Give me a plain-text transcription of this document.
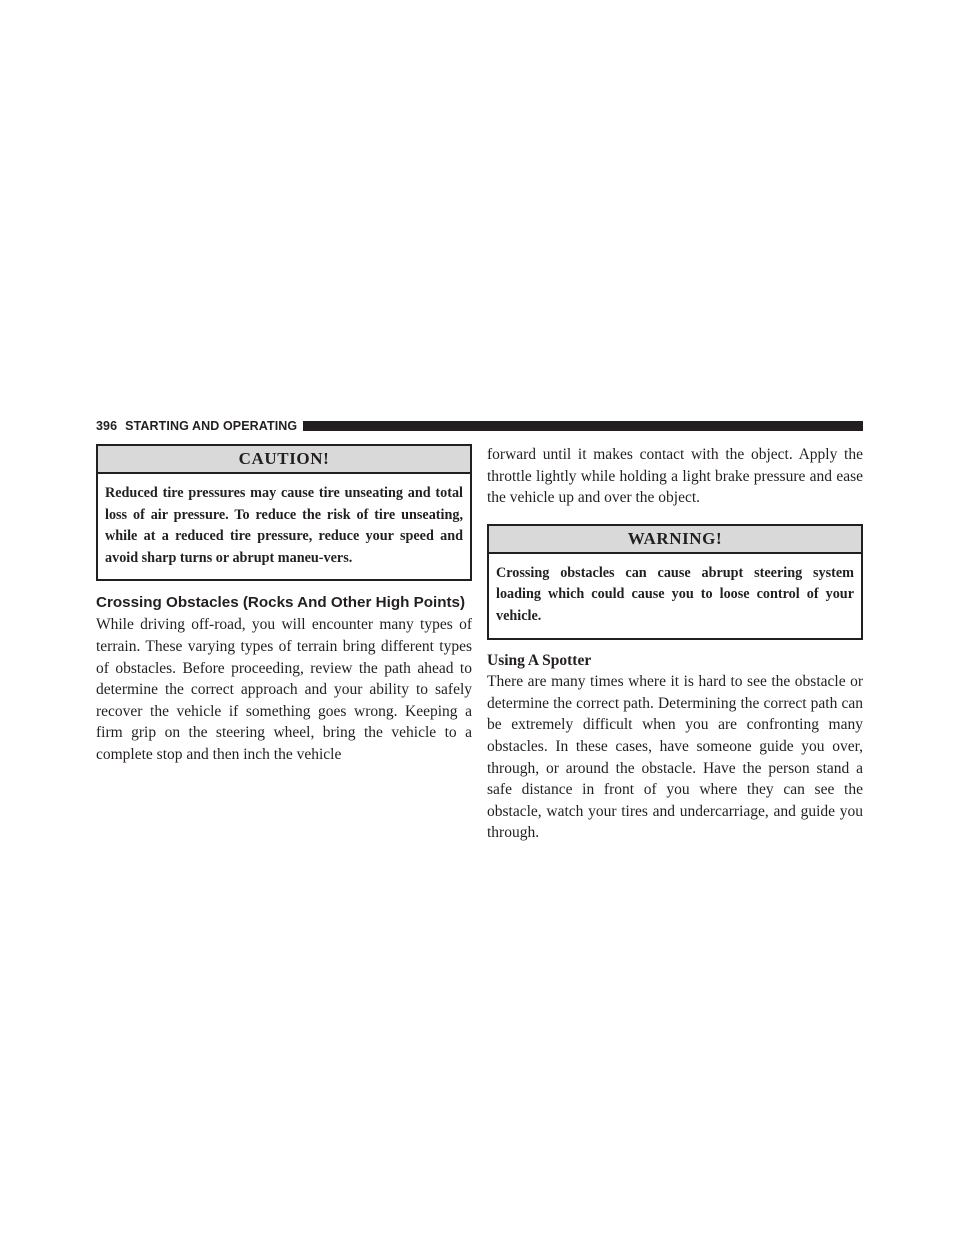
396 STARTING AND OPERATING
CAUTION!
Reduced tire pressures may cause tire unseating and total loss of air pressure. To reduce the risk of tire unseating, while at a reduced tire pressure, reduce your speed and avoid sharp turns or abrupt maneu-vers.
Crossing Obstacles (Rocks And Other High Points)

While driving off-road, you will encounter many types of terrain. These varying types of terrain bring different types of obstacles. Before proceeding, review the path ahead to determine the correct approach and your ability to safely recover the vehicle if something goes wrong. Keeping a firm grip on the steering wheel, bring the vehicle to a complete stop and then inch the vehicle

forward until it makes contact with the object. Apply the throttle lightly while holding a light brake pressure and ease the vehicle up and over the object.

WARNING!
Crossing obstacles can cause abrupt steering system loading which could cause you to loose control of your vehicle.
Using A Spotter

There are many times where it is hard to see the obstacle or determine the correct path. Determining the correct path can be extremely difficult when you are confronting many obstacles. In these cases, have someone guide you over, through, or around the obstacle. Have the person stand a safe distance in front of you where they can see the obstacle, watch your tires and undercarriage, and guide you through.
